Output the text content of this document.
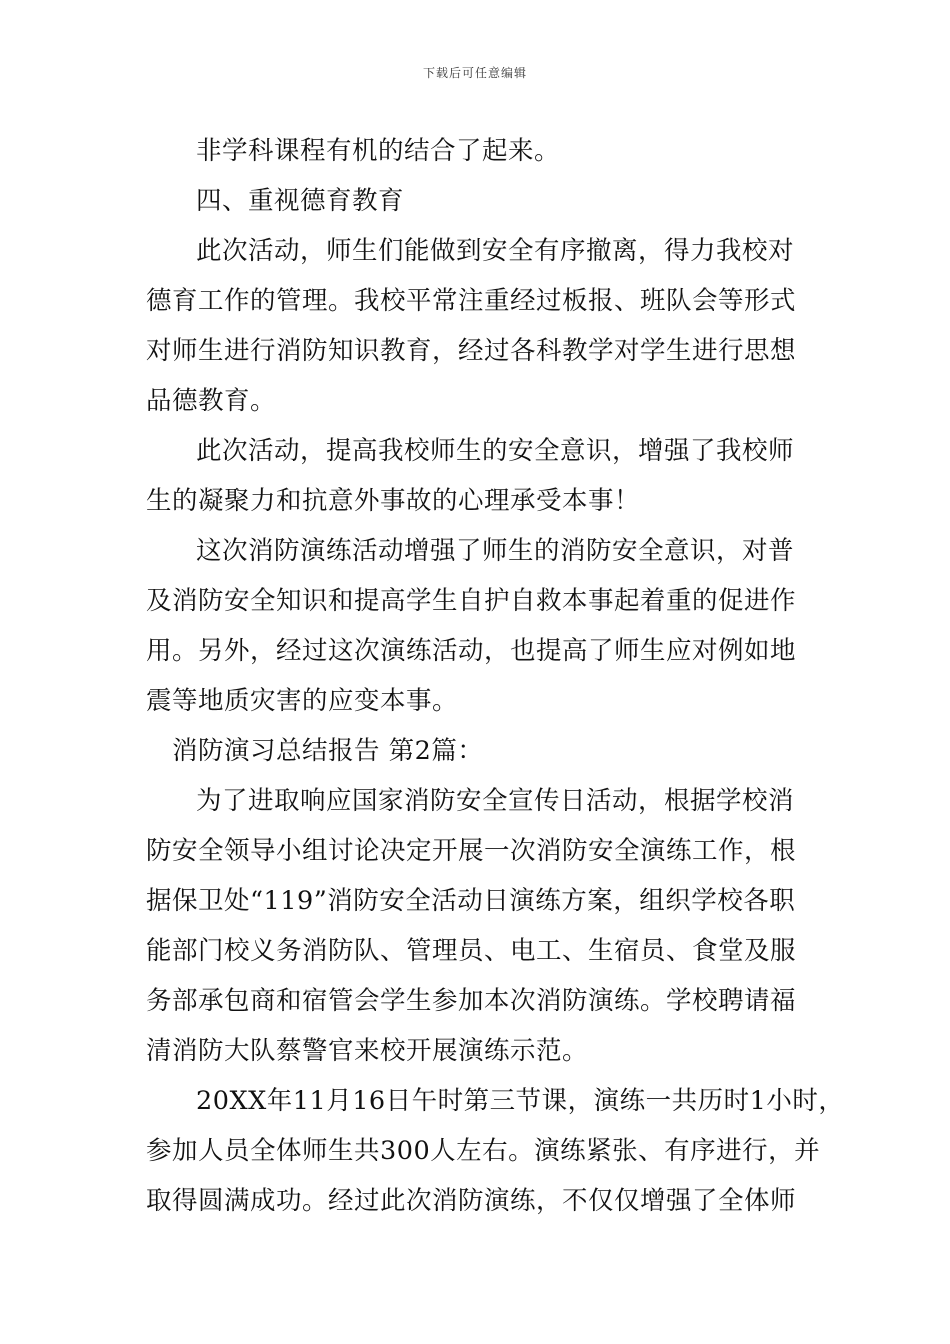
下载后可任意编辑
非学科课程有机的结合了起来。
四、重视德育教育
此次活动，师生们能做到安全有序撤离，得力我校对
德育工作的管理。我校平常注重经过板报、班队会等形式
对师生进行消防知识教育，经过各科教学对学生进行思想
品德教育。
此次活动，提高我校师生的安全意识，增强了我校师
生的凝聚力和抗意外事故的心理承受本事！
这次消防演练活动增强了师生的消防安全意识，对普
及消防安全知识和提高学生自护自救本事起着重的促进作
用。另外，经过这次演练活动，也提高了师生应对例如地
震等地质灾害的应变本事。
消防演习总结报告 第2篇：
为了进取响应国家消防安全宣传日活动，根据学校消
防安全领导小组讨论决定开展一次消防安全演练工作，根
据保卫处“119”消防安全活动日演练方案，组织学校各职
能部门校义务消防队、管理员、电工、生宿员、食堂及服
务部承包商和宿管会学生参加本次消防演练。学校聘请福
清消防大队蔡警官来校开展演练示范。
20XX年11月16日午时第三节课，演练一共历时1小时，
参加人员全体师生共300人左右。演练紧张、有序进行，并
取得圆满成功。经过此次消防演练，不仅仅增强了全体师
